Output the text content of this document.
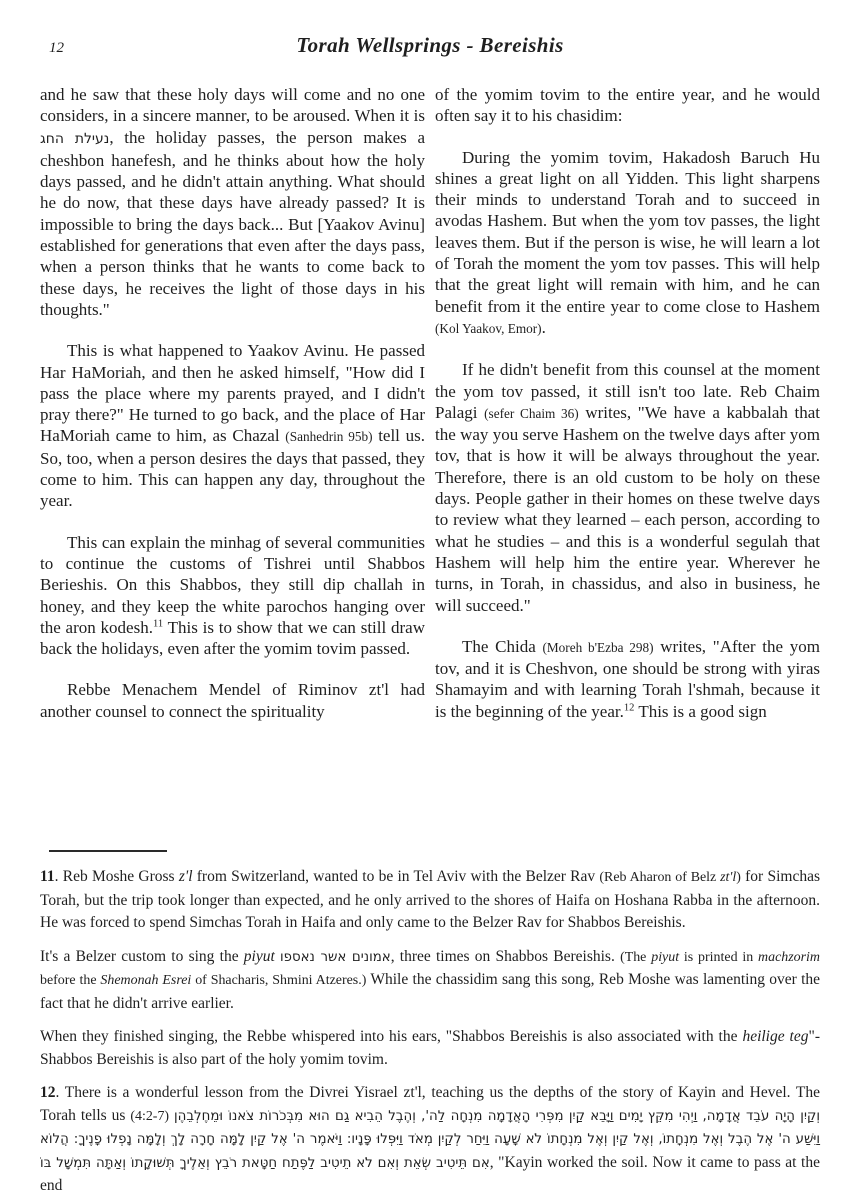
12	Torah Wellsprings - Bereishis

and he saw that these holy days will come and no one considers, in a sincere manner, to be aroused. When it is נעילת החג, the holiday passes, the person makes a cheshbon hanefesh, and he thinks about how the holy days passed, and he didn't attain anything. What should he do now, that these days have already passed? It is impossible to bring the days back... But [Yaakov Avinu] established for generations that even after the days pass, when a person thinks that he wants to come back to these days, he receives the light of those days in his thoughts."

This is what happened to Yaakov Avinu. He passed Har HaMoriah, and then he asked himself, "How did I pass the place where my parents prayed, and I didn't pray there?" He turned to go back, and the place of Har HaMoriah came to him, as Chazal (Sanhedrin 95b) tell us. So, too, when a person desires the days that passed, they come to him. This can happen any day, throughout the year.

This can explain the minhag of several communities to continue the customs of Tishrei until Shabbos Berieshis. On this Shabbos, they still dip challah in honey, and they keep the white parochos hanging over the aron kodesh.$^{11}$ This is to show that we can still draw back the holidays, even after the yomim tovim passed.

Rebbe Menachem Mendel of Riminov zt'l had another counsel to connect the spirituality

of the yomim tovim to the entire year, and he would often say it to his chasidim:

During the yomim tovim, Hakadosh Baruch Hu shines a great light on all Yidden. This light sharpens their minds to understand Torah and to succeed in avodas Hashem. But when the yom tov passes, the light leaves them. But if the person is wise, he will learn a lot of Torah the moment the yom tov passes. This will help that the great light will remain with him, and he can benefit from it the entire year to come close to Hashem (Kol Yaakov, Emor).

If he didn't benefit from this counsel at the moment the yom tov passed, it still isn't too late. Reb Chaim Palagi (sefer Chaim 36) writes, "We have a kabbalah that the way you serve Hashem on the twelve days after yom tov, that is how it will be always throughout the year. Therefore, there is an old custom to be holy on these days. People gather in their homes on these twelve days to review what they learned – each person, according to what he studies – and this is a wonderful segulah that Hashem will help him the entire year. Wherever he turns, in Torah, in chassidus, and also in business, he will succeed."

The Chida (Moreh b'Ezba 298) writes, "After the yom tov, and it is Cheshvon, one should be strong with yiras Shamayim and with learning Torah l'shmah, because it is the beginning of the year.$^{12}$ This is a good sign

11. Reb Moshe Gross z'l from Switzerland, wanted to be in Tel Aviv with the Belzer Rav (Reb Aharon of Belz zt'l) for Simchas Torah, but the trip took longer than expected, and he only arrived to the shores of Haifa on Hoshana Rabba in the afternoon. He was forced to spend Simchas Torah in Haifa and only came to the Belzer Rav for Shabbos Bereishis.

It's a Belzer custom to sing the piyut אמונים אשר נאספו, three times on Shabbos Bereishis. (The piyut is printed in machzorim before the Shemonah Esrei of Shacharis, Shmini Atzeres.) While the chassidim sang this song, Reb Moshe was lamenting over the fact that he didn't arrive earlier.

When they finished singing, the Rebbe whispered into his ears, "Shabbos Bereishis is also associated with the heilige teg"- Shabbos Bereishis is also part of the holy yomim tovim.

12. There is a wonderful lesson from the Divrei Yisrael zt'l, teaching us the depths of the story of Kayin and Hevel. The Torah tells us (4:2-7) וְקַיִן הָיָה עֹבֵד אֲדָמָה, וַיְהִי מִקֵּץ יָמִים וַיָּבֵא קַיִן מִפְּרִי הָאֲדָמָה מִנְחָה לַה', וְהֶבֶל הֵבִיא גַם הוּא מִבְּכֹרוֹת צֹאנוֹ וּמֵחֶלְבֵהֶן וַיִּשַׁע ה' אֶל הֶבֶל וְאֶל מִנְחָתוֹ, וְאֶל קַיִן וְאֶל מִנְחָתוֹ לֹא שָׁעָה וַיִּחַר לְקַיִן מְאֹד וַיִּפְּלוּ פָּנָיו: וַיֹּאמֶר ה' אֶל קַיִן לָמָּה חָרָה לָךְ וְלָמָּה נָפְלוּ פָנֶיךָ: הֲלוֹא אִם תֵּיטִיב שְׂאֵת וְאִם לֹא תֵיטִיב לַפֶּתַח חַטָּאת רֹבֵץ וְאֵלֶיךָ תְּשׁוּקָתוֹ וְאַתָּה תִּמְשָׁל בּוֹ, "Kayin worked the soil. Now it came to pass at the end
